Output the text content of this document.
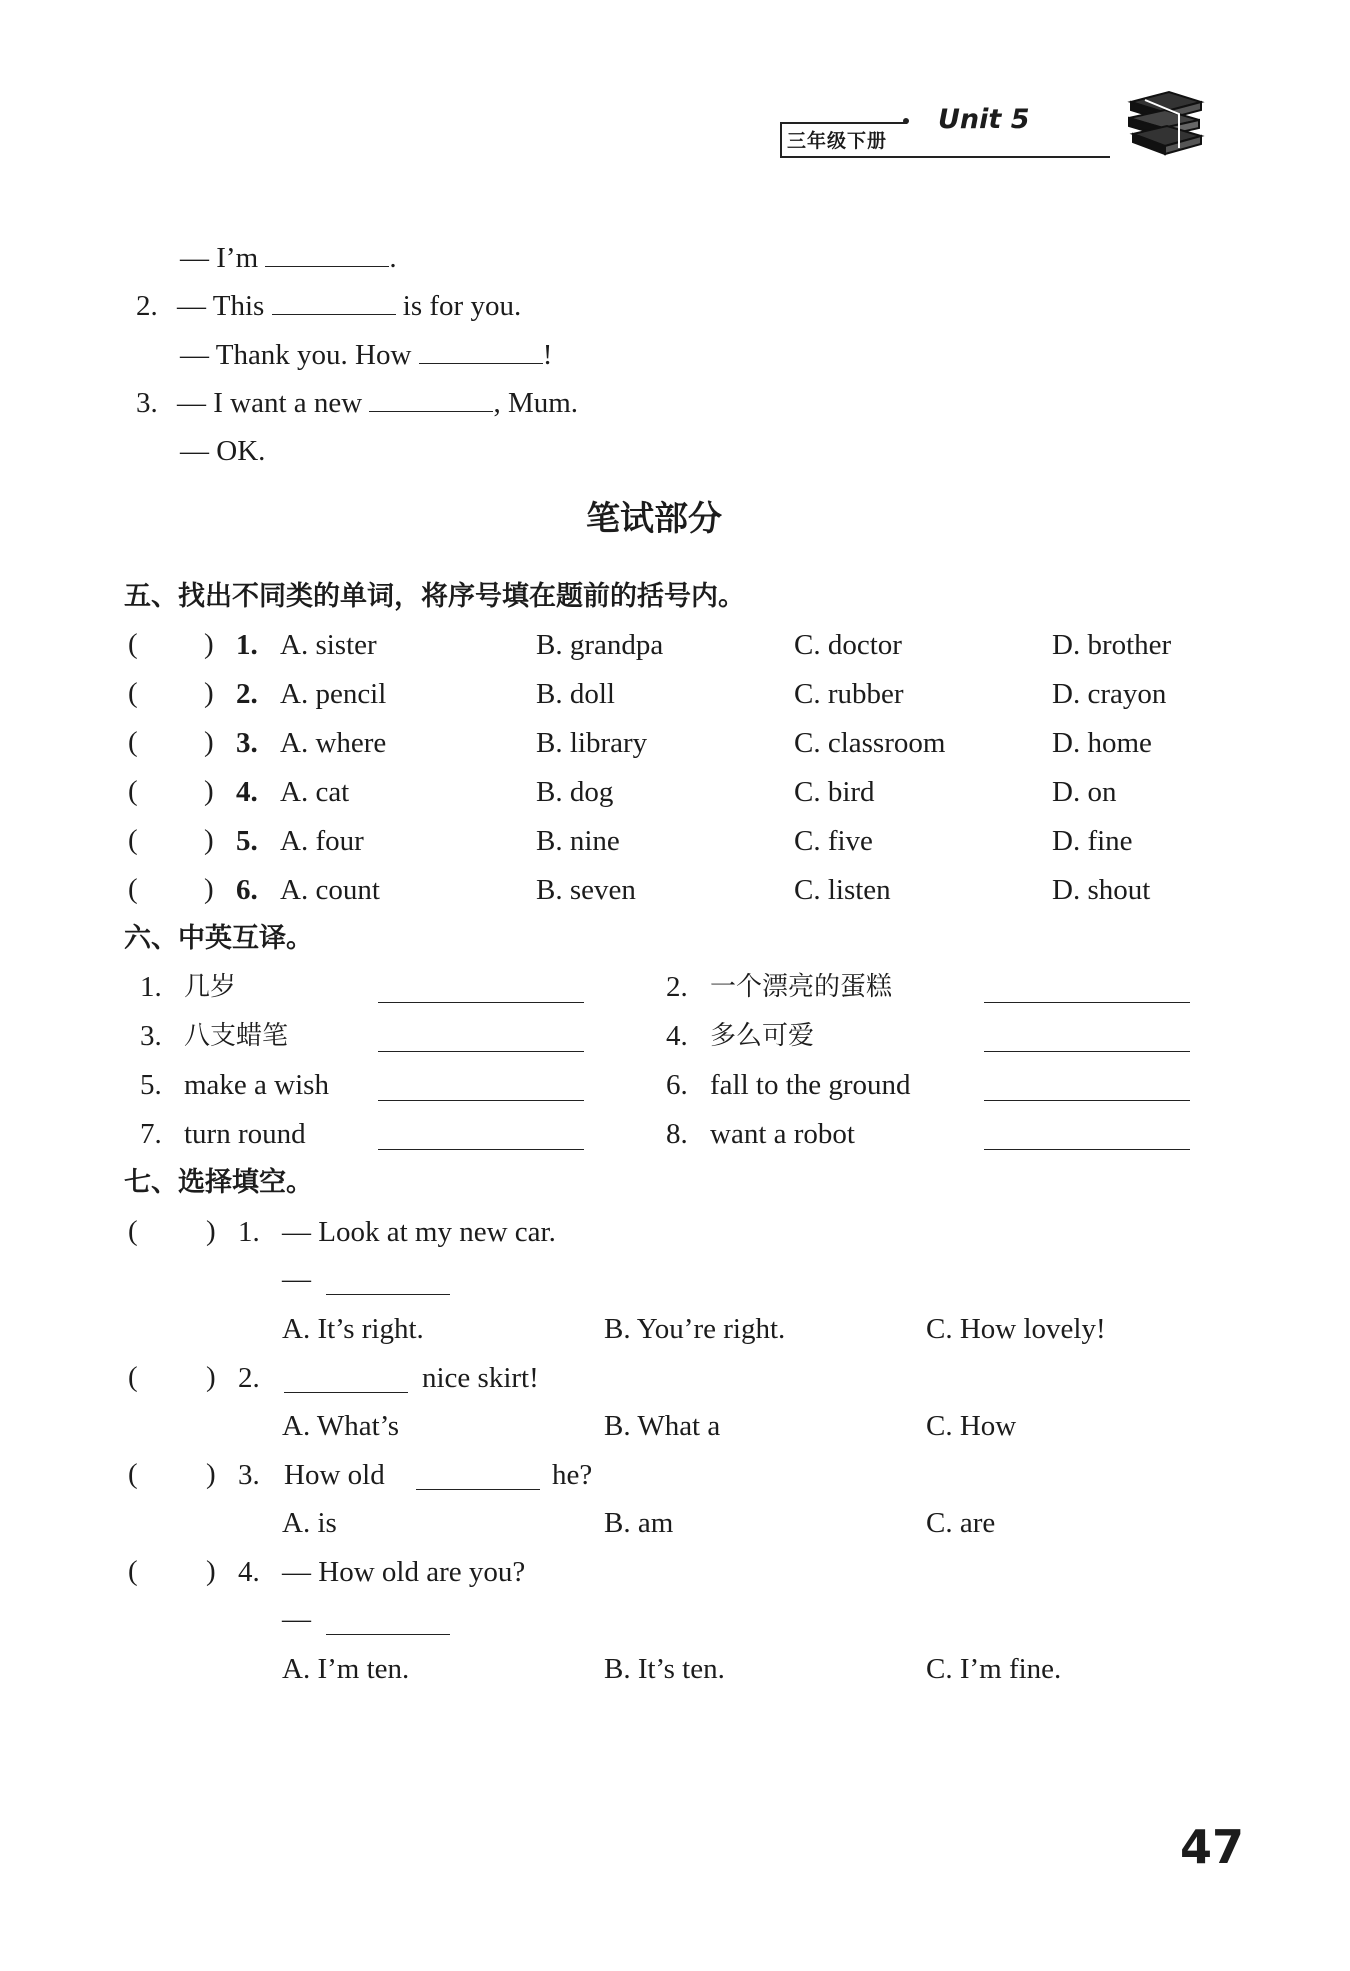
三年级下册
Unit 5
— I’m	.
2. — This	is for you.
— Thank you. How	!
3. — I want a new	, Mum.
— OK.
笔试部分
五、找出不同类的单词，将序号填在题前的括号内。
( ) 1. A. sister	B. grandpa	C. doctor	D. brother
( ) 2. A. pencil	B. doll	C. rubber	D. crayon
( ) 3. A. where	B. library	C. classroom	D. home
( ) 4. A. cat	B. dog	C. bird	D. on
( ) 5. A. four	B. nine	C. five	D. fine
( ) 6. A. count	B. seven	C. listen	D. shout
六、中英互译。
1. 几岁	2. 一个漂亮的蛋糕
3. 八支蜡笔	4. 多么可爱
5. make a wish	6. fall to the ground
7. turn round	8. want a robot
七、选择填空。
( ) 1. — Look at my new car.
—
A. It’s right.	B. You’re right.	C. How lovely!
( ) 2.	nice skirt!
A. What’s	B. What a	C. How
( ) 3. How old	he?
A. is	B. am	C. are
( ) 4. — How old are you?
—
A. I’m ten.	B. It’s ten.	C. I’m fine.
47
